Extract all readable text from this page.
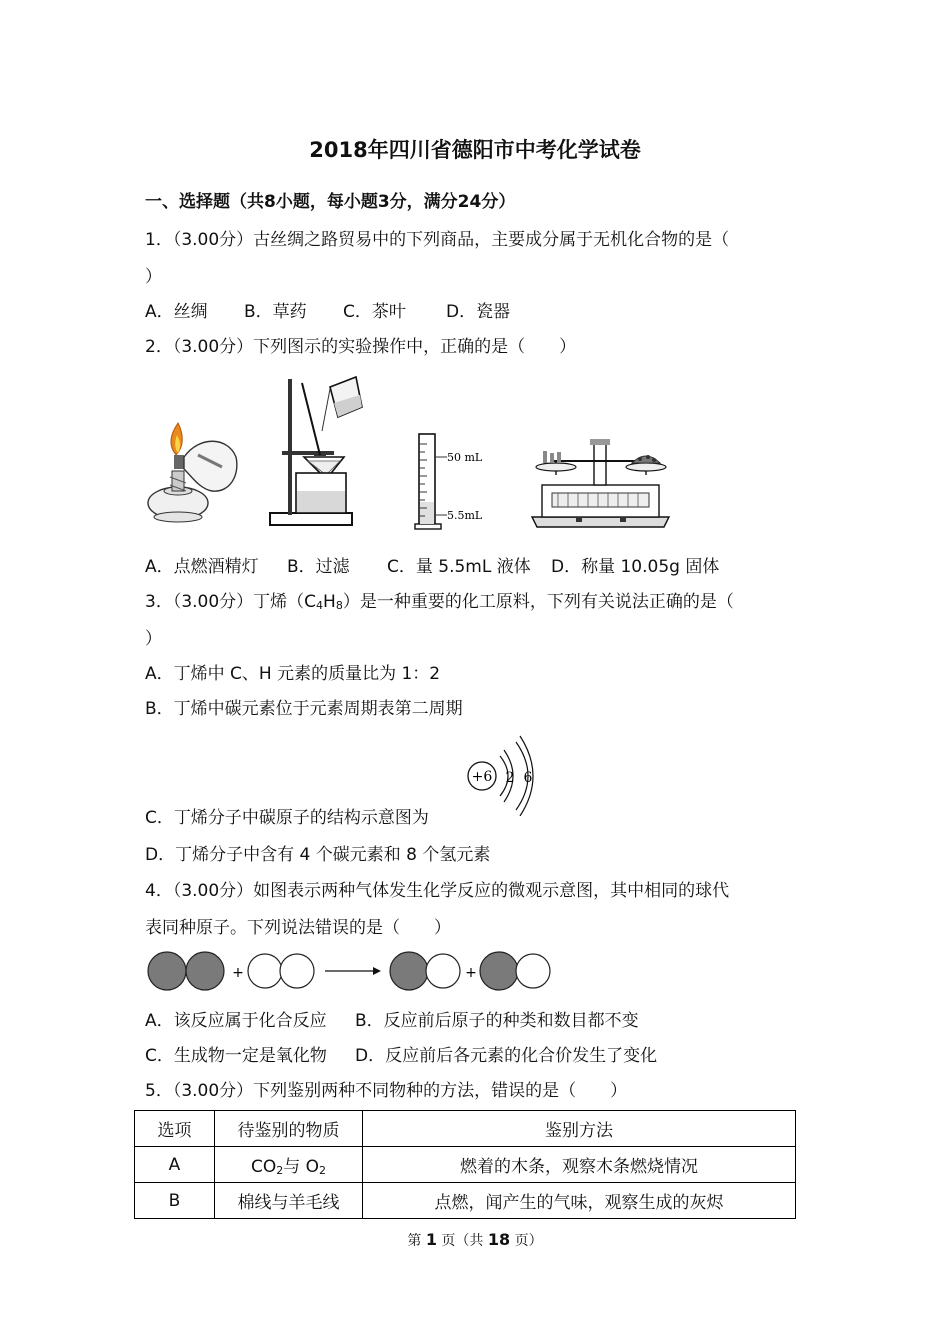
2018年四川省德阳市中考化学试卷
一、选择题（共8小题，每小题3分，满分24分）
1．（3.00分）古丝绸之路贸易中的下列商品，主要成分属于无机化合物的是（
）
A．丝绸 B．草药 C．茶叶 D．瓷器
2．（3.00分）下列图示的实验操作中，正确的是（　　）
50 mL
5.5mL
A．点燃酒精灯 B．过滤 C．量 5.5mL 液体 D．称量 10.05g 固体
3．（3.00分）丁烯$(C_4H_8)$是一种重要的化工原料，下列有关说法正确的是（
）
A．丁烯中 C、H 元素的质量比为 1：2
B．丁烯中碳元素位于元素周期表第二周期
+6 2 6
C．丁烯分子中碳原子的结构示意图为
D．丁烯分子中含有 4 个碳元素和 8 个氢元素
4．（3.00分）如图表示两种气体发生化学反应的微观示意图，其中相同的球代
表同种原子。下列说法错误的是（　　）
+	+
A．该反应属于化合反应 B．反应前后原子的种类和数目都不变
C．生成物一定是氧化物 D．反应前后各元素的化合价发生了变化
5．（3.00分）下列鉴别两种不同物种的方法，错误的是（　　）
选项	待鉴别的物质	鉴别方法
A	$CO_2$与 $O_2$	燃着的木条，观察木条燃烧情况
B	棉线与羊毛线	点燃，闻产生的气味，观察生成的灰烬
第 1 页（共 18 页）
